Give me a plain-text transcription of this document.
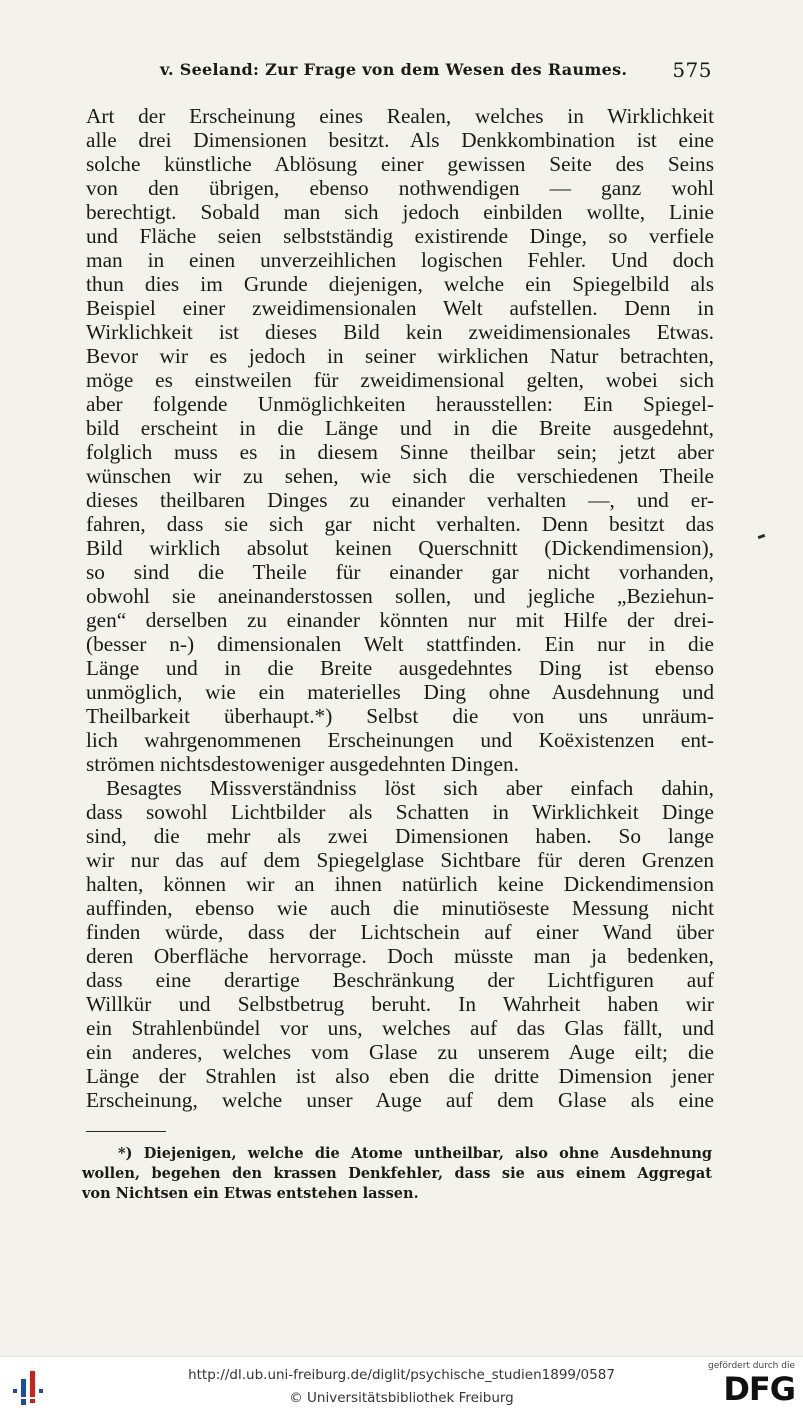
v. Seeland: Zur Frage von dem Wesen des Raumes. 575
Art der Erscheinung eines Realen, welches in Wirklichkeit
alle drei Dimensionen besitzt. Als Denkkombination ist eine
solche künstliche Ablösung einer gewissen Seite des Seins
von den übrigen, ebenso nothwendigen — ganz wohl
berechtigt. Sobald man sich jedoch einbilden wollte, Linie
und Fläche seien selbstständig existirende Dinge, so verfiele
man in einen unverzeihlichen logischen Fehler. Und doch
thun dies im Grunde diejenigen, welche ein Spiegelbild als
Beispiel einer zweidimensionalen Welt aufstellen. Denn in
Wirklichkeit ist dieses Bild kein zweidimensionales Etwas.
Bevor wir es jedoch in seiner wirklichen Natur betrachten,
möge es einstweilen für zweidimensional gelten, wobei sich
aber folgende Unmöglichkeiten herausstellen: Ein Spiegel-
bild erscheint in die Länge und in die Breite ausgedehnt,
folglich muss es in diesem Sinne theilbar sein; jetzt aber
wünschen wir zu sehen, wie sich die verschiedenen Theile
dieses theilbaren Dinges zu einander verhalten —, und er-
fahren, dass sie sich gar nicht verhalten. Denn besitzt das
Bild wirklich absolut keinen Querschnitt (Dickendimension),
so sind die Theile für einander gar nicht vorhanden,
obwohl sie aneinanderstossen sollen, und jegliche „Beziehun-
gen“ derselben zu einander könnten nur mit Hilfe der drei-
(besser n-) dimensionalen Welt stattfinden. Ein nur in die
Länge und in die Breite ausgedehntes Ding ist ebenso
unmöglich, wie ein materielles Ding ohne Ausdehnung und
Theilbarkeit überhaupt.*) Selbst die von uns unräum-
lich wahrgenommenen Erscheinungen und Koëxistenzen ent-
strömen nichtsdestoweniger ausgedehnten Dingen.
Besagtes Missverständniss löst sich aber einfach dahin,
dass sowohl Lichtbilder als Schatten in Wirklichkeit Dinge
sind, die mehr als zwei Dimensionen haben. So lange
wir nur das auf dem Spiegelglase Sichtbare für deren Grenzen
halten, können wir an ihnen natürlich keine Dickendimension
auffinden, ebenso wie auch die minutiöseste Messung nicht
finden würde, dass der Lichtschein auf einer Wand über
deren Oberfläche hervorrage. Doch müsste man ja bedenken,
dass eine derartige Beschränkung der Lichtfiguren auf
Willkür und Selbstbetrug beruht. In Wahrheit haben wir
ein Strahlenbündel vor uns, welches auf das Glas fällt, und
ein anderes, welches vom Glase zu unserem Auge eilt; die
Länge der Strahlen ist also eben die dritte Dimension jener
Erscheinung, welche unser Auge auf dem Glase als eine
*) Diejenigen, welche die Atome untheilbar, also ohne Ausdehnung
wollen, begehen den krassen Denkfehler, dass sie aus einem Aggregat
von Nichtsen ein Etwas entstehen lassen.
http://dl.ub.uni-freiburg.de/diglit/psychische_studien1899/0587
© Universitätsbibliothek Freiburg
gefördert durch die
DFG
